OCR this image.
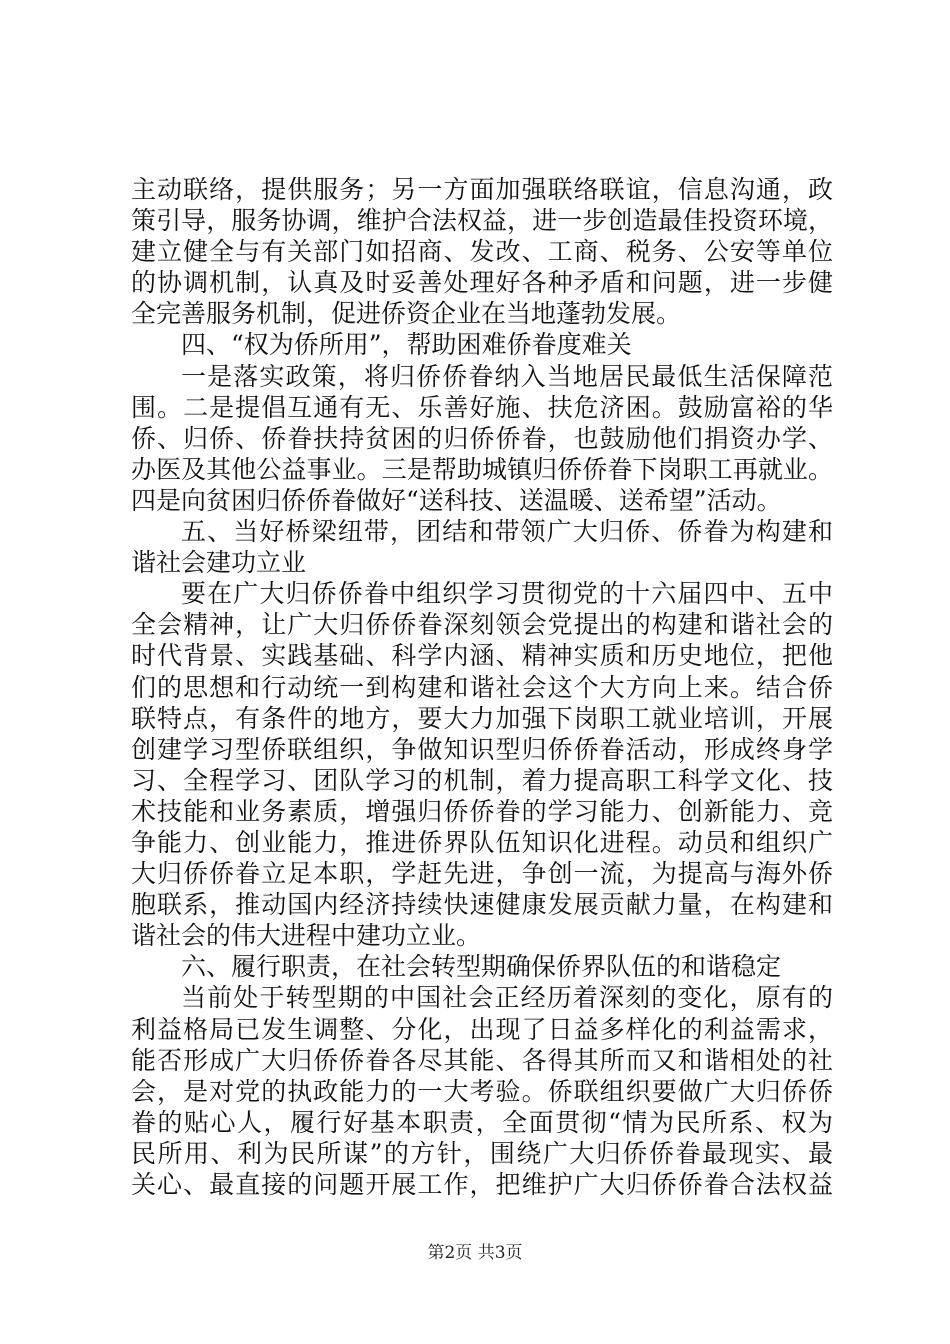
主动联络，提供服务；另一方面加强联络联谊，信息沟通，政
策引导，服务协调，维护合法权益，进一步创造最佳投资环境，
建立健全与有关部门如招商、发改、工商、税务、公安等单位
的协调机制，认真及时妥善处理好各种矛盾和问题，进一步健
全完善服务机制，促进侨资企业在当地蓬勃发展。
四、“权为侨所用”，帮助困难侨眷度难关
一是落实政策，将归侨侨眷纳入当地居民最低生活保障范
围。二是提倡互通有无、乐善好施、扶危济困。鼓励富裕的华
侨、归侨、侨眷扶持贫困的归侨侨眷，也鼓励他们捐资办学、
办医及其他公益事业。三是帮助城镇归侨侨眷下岗职工再就业。
四是向贫困归侨侨眷做好“送科技、送温暖、送希望”活动。
五、当好桥梁纽带，团结和带领广大归侨、侨眷为构建和
谐社会建功立业
要在广大归侨侨眷中组织学习贯彻党的十六届四中、五中
全会精神，让广大归侨侨眷深刻领会党提出的构建和谐社会的
时代背景、实践基础、科学内涵、精神实质和历史地位，把他
们的思想和行动统一到构建和谐社会这个大方向上来。结合侨
联特点，有条件的地方，要大力加强下岗职工就业培训，开展
创建学习型侨联组织，争做知识型归侨侨眷活动，形成终身学
习、全程学习、团队学习的机制，着力提高职工科学文化、技
术技能和业务素质，增强归侨侨眷的学习能力、创新能力、竞
争能力、创业能力，推进侨界队伍知识化进程。动员和组织广
大归侨侨眷立足本职，学赶先进，争创一流，为提高与海外侨
胞联系，推动国内经济持续快速健康发展贡献力量，在构建和
谐社会的伟大进程中建功立业。
六、履行职责，在社会转型期确保侨界队伍的和谐稳定
当前处于转型期的中国社会正经历着深刻的变化，原有的
利益格局已发生调整、分化，出现了日益多样化的利益需求，
能否形成广大归侨侨眷各尽其能、各得其所而又和谐相处的社
会，是对党的执政能力的一大考验。侨联组织要做广大归侨侨
眷的贴心人，履行好基本职责，全面贯彻“情为民所系、权为
民所用、利为民所谋”的方针，围绕广大归侨侨眷最现实、最
关心、最直接的问题开展工作，把维护广大归侨侨眷合法权益
第2页 共3页
